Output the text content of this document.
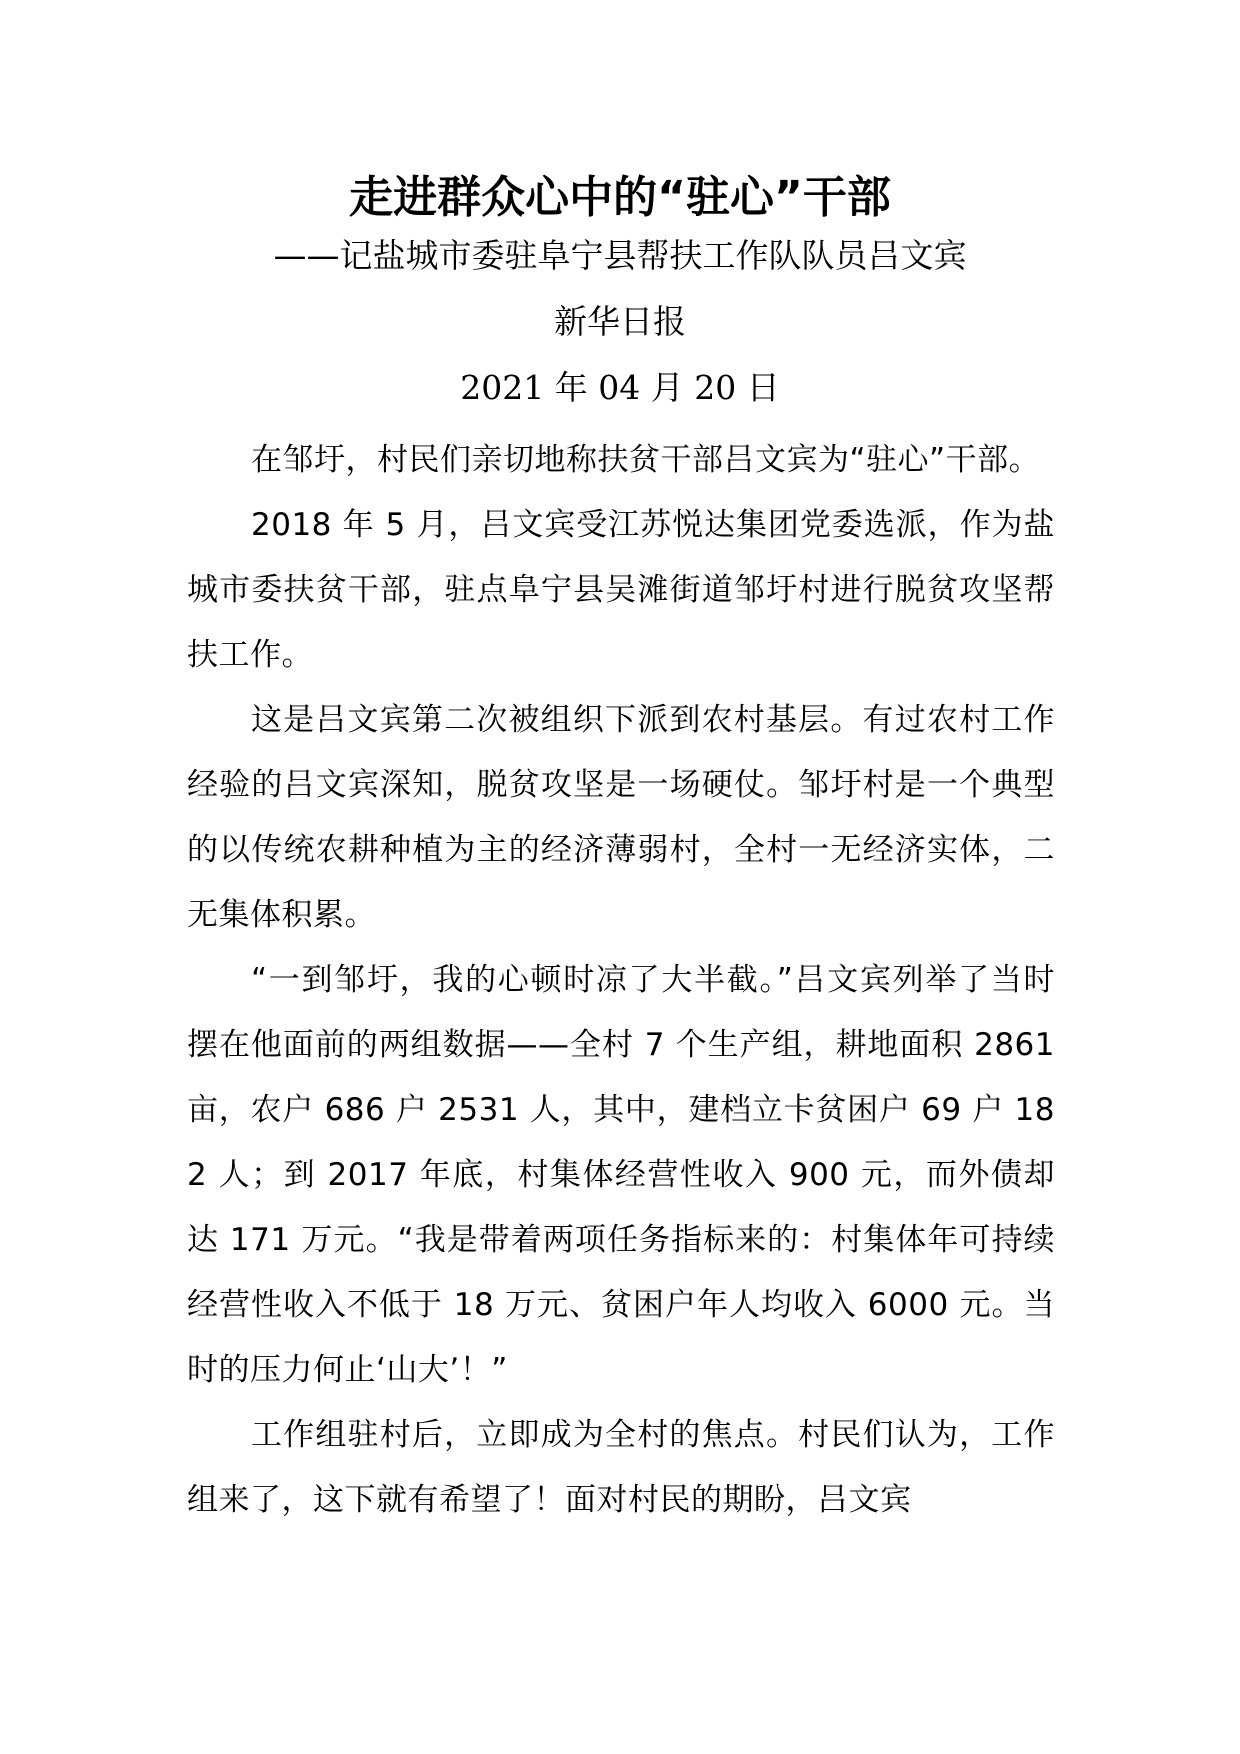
走进群众心中的“驻心”干部
——记盐城市委驻阜宁县帮扶工作队队员吕文宾
新华日报
2021 年 04 月 20 日

在邹圩，村民们亲切地称扶贫干部吕文宾为“驻心”干部。

2018 年 5 月，吕文宾受江苏悦达集团党委选派，作为盐城市委扶贫干部，驻点阜宁县吴滩街道邹圩村进行脱贫攻坚帮扶工作。

这是吕文宾第二次被组织下派到农村基层。有过农村工作经验的吕文宾深知，脱贫攻坚是一场硬仗。邹圩村是一个典型的以传统农耕种植为主的经济薄弱村，全村一无经济实体，二无集体积累。

“一到邹圩，我的心顿时凉了大半截。”吕文宾列举了当时摆在他面前的两组数据——全村 7 个生产组，耕地面积 2861 亩，农户 686 户 2531 人，其中，建档立卡贫困户 69 户 182 人；到 2017 年底，村集体经营性收入 900 元，而外债却达 171 万元。“我是带着两项任务指标来的：村集体年可持续经营性收入不低于 18 万元、贫困户年人均收入 6000 元。当时的压力何止‘山大’！”

工作组驻村后，立即成为全村的焦点。村民们认为，工作组来了，这下就有希望了！面对村民的期盼，吕文宾
